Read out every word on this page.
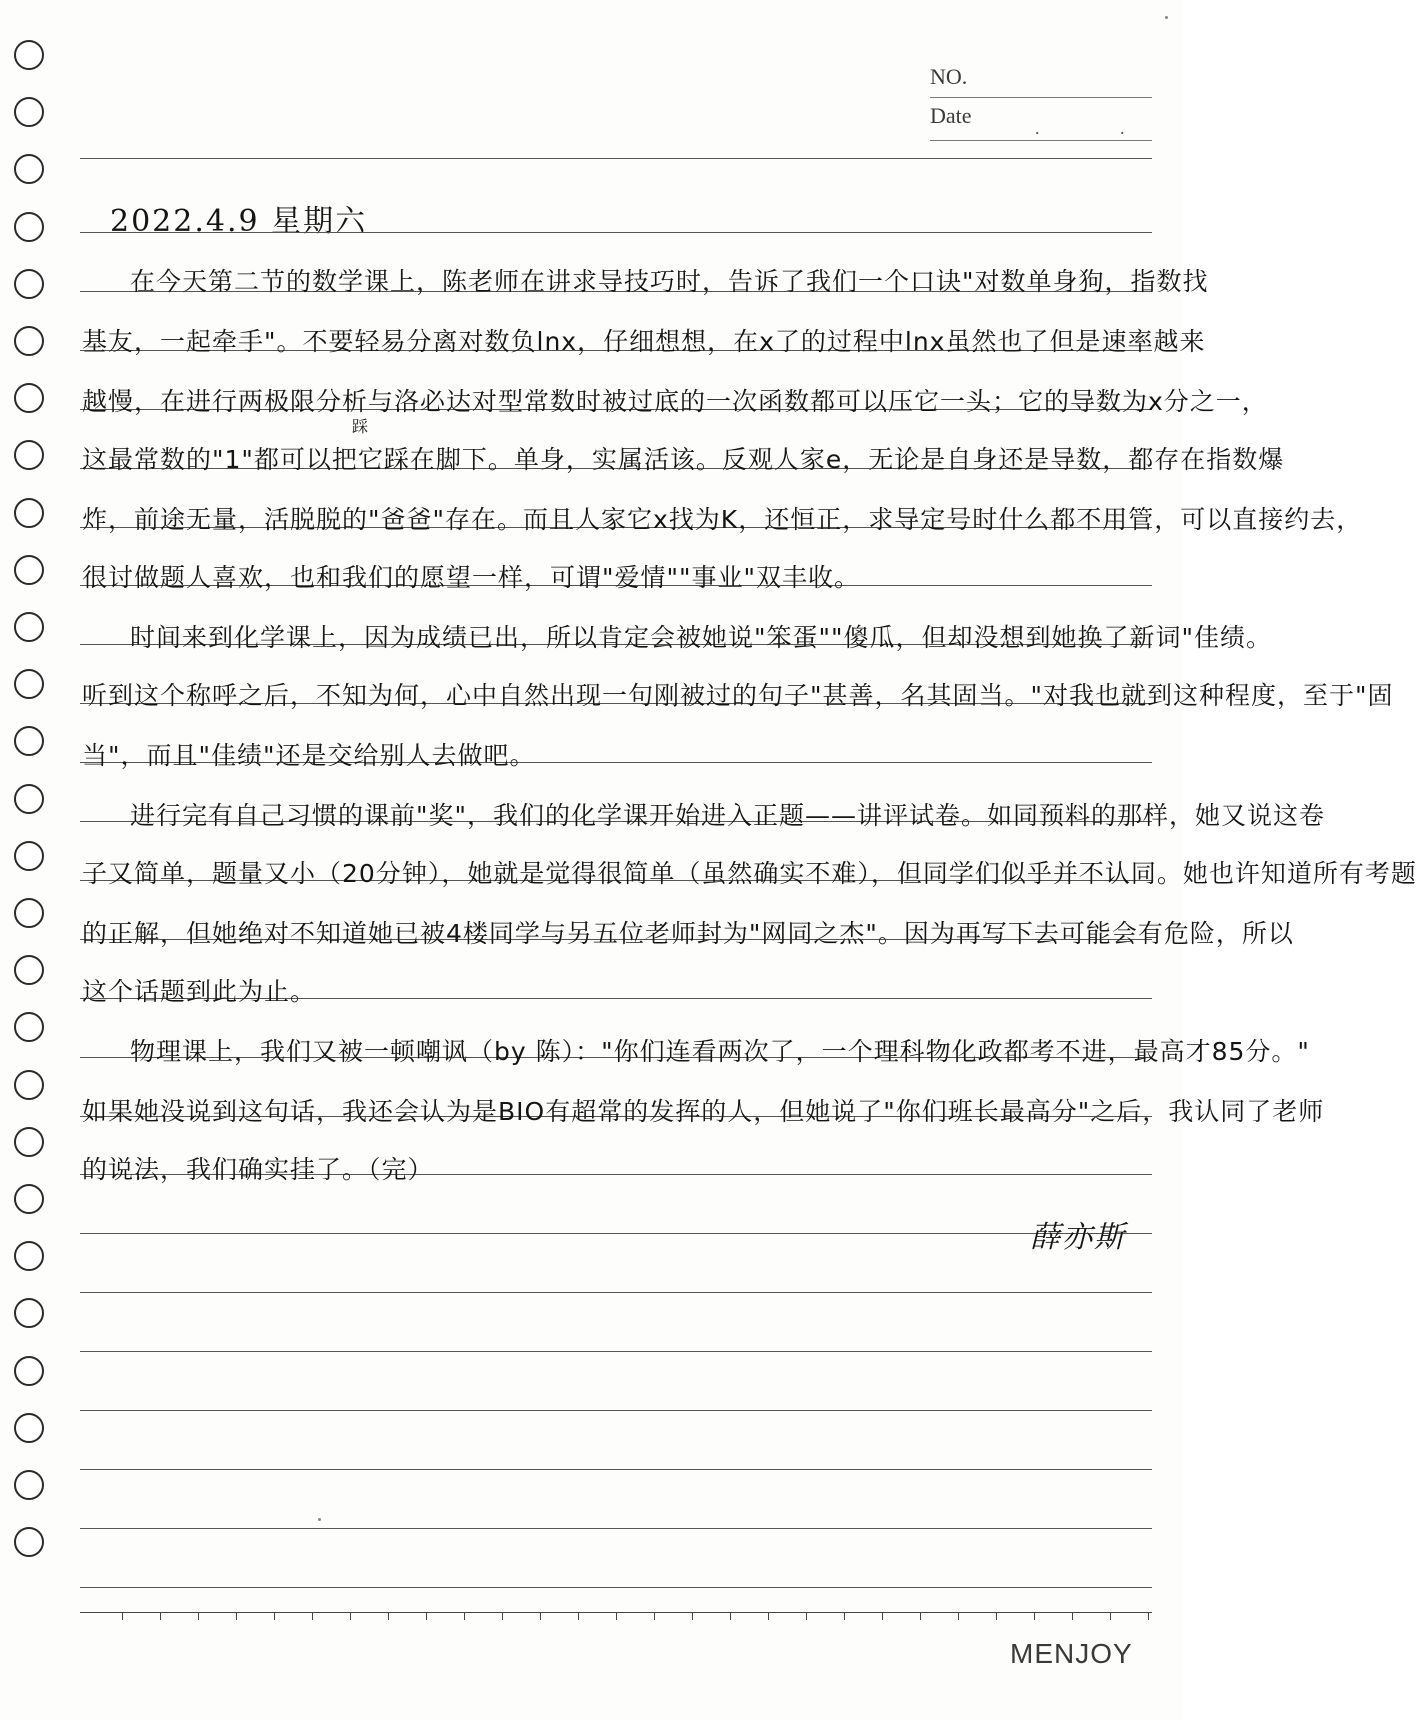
NO.
Date	. .
2022.4.9 星期六
在今天第二节的数学课上，陈老师在讲求导技巧时，告诉了我们一个口诀"对数单身狗，指数找
基友，一起牵手"。不要轻易分离对数负lnx，仔细想想，在x了的过程中lnx虽然也了但是速率越来
越慢，在进行两极限分析与洛必达对型常数时被过底的一次函数都可以压它一头；它的导数为x分之一，
踩
这最常数的"1"都可以把它踩在脚下。单身，实属活该。反观人家e，无论是自身还是导数，都存在指数爆
炸，前途无量，活脱脱的"爸爸"存在。而且人家它x找为K，还恒正，求导定号时什么都不用管，可以直接约去，
很讨做题人喜欢，也和我们的愿望一样，可谓"爱情""事业"双丰收。
时间来到化学课上，因为成绩已出，所以肯定会被她说"笨蛋""傻瓜，但却没想到她换了新词"佳绩。
听到这个称呼之后，不知为何，心中自然出现一句刚被过的句子"甚善，名其固当。"对我也就到这种程度，至于"固
当"，而且"佳绩"还是交给别人去做吧。
进行完有自己习惯的课前"奖"，我们的化学课开始进入正题——讲评试卷。如同预料的那样，她又说这卷
子又简单，题量又小（20分钟），她就是觉得很简单（虽然确实不难），但同学们似乎并不认同。她也许知道所有考题
的正解，但她绝对不知道她已被4楼同学与另五位老师封为"网同之杰"。因为再写下去可能会有危险，所以
这个话题到此为止。
物理课上，我们又被一顿嘲讽（by 陈）："你们连看两次了，一个理科物化政都考不进，最高才85分。"
如果她没说到这句话，我还会认为是BIO有超常的发挥的人，但她说了"你们班长最高分"之后，我认同了老师
的说法，我们确实挂了。（完）
薛亦斯
MENJOY
